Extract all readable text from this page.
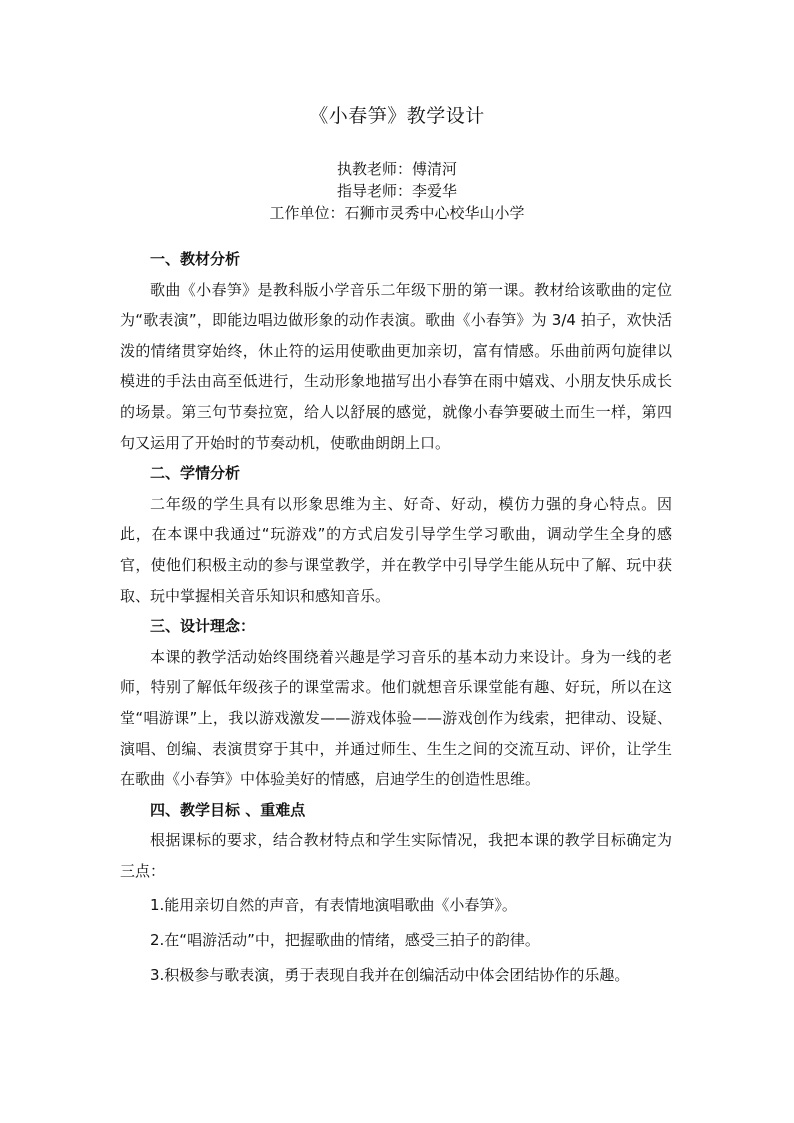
《小春笋》教学设计
执教老师：傅清河
指导老师：李爱华
工作单位：石狮市灵秀中心校华山小学

一、教材分析

歌曲《小春笋》是教科版小学音乐二年级下册的第一课。教材给该歌曲的定位为“歌表演”，即能边唱边做形象的动作表演。歌曲《小春笋》为 3/4 拍子，欢快活泼的情绪贯穿始终，休止符的运用使歌曲更加亲切，富有情感。乐曲前两句旋律以模进的手法由高至低进行，生动形象地描写出小春笋在雨中嬉戏、小朋友快乐成长的场景。第三句节奏拉宽，给人以舒展的感觉，就像小春笋要破土而生一样，第四句又运用了开始时的节奏动机，使歌曲朗朗上口。

二、学情分析

二年级的学生具有以形象思维为主、好奇、好动，模仿力强的身心特点。因此，在本课中我通过“玩游戏”的方式启发引导学生学习歌曲，调动学生全身的感官，使他们积极主动的参与课堂教学，并在教学中引导学生能从玩中了解、玩中获取、玩中掌握相关音乐知识和感知音乐。

三、设计理念：

本课的教学活动始终围绕着兴趣是学习音乐的基本动力来设计。身为一线的老师，特别了解低年级孩子的课堂需求。他们就想音乐课堂能有趣、好玩，所以在这堂“唱游课”上，我以游戏激发——游戏体验——游戏创作为线索，把律动、设疑、演唱、创编、表演贯穿于其中，并通过师生、生生之间的交流互动、评价，让学生在歌曲《小春笋》中体验美好的情感，启迪学生的创造性思维。

四、教学目标 、重难点

根据课标的要求，结合教材特点和学生实际情况，我把本课的教学目标确定为三点：

1.能用亲切自然的声音，有表情地演唱歌曲《小春笋》。

2.在“唱游活动”中，把握歌曲的情绪，感受三拍子的韵律。

3.积极参与歌表演，勇于表现自我并在创编活动中体会团结协作的乐趣。
